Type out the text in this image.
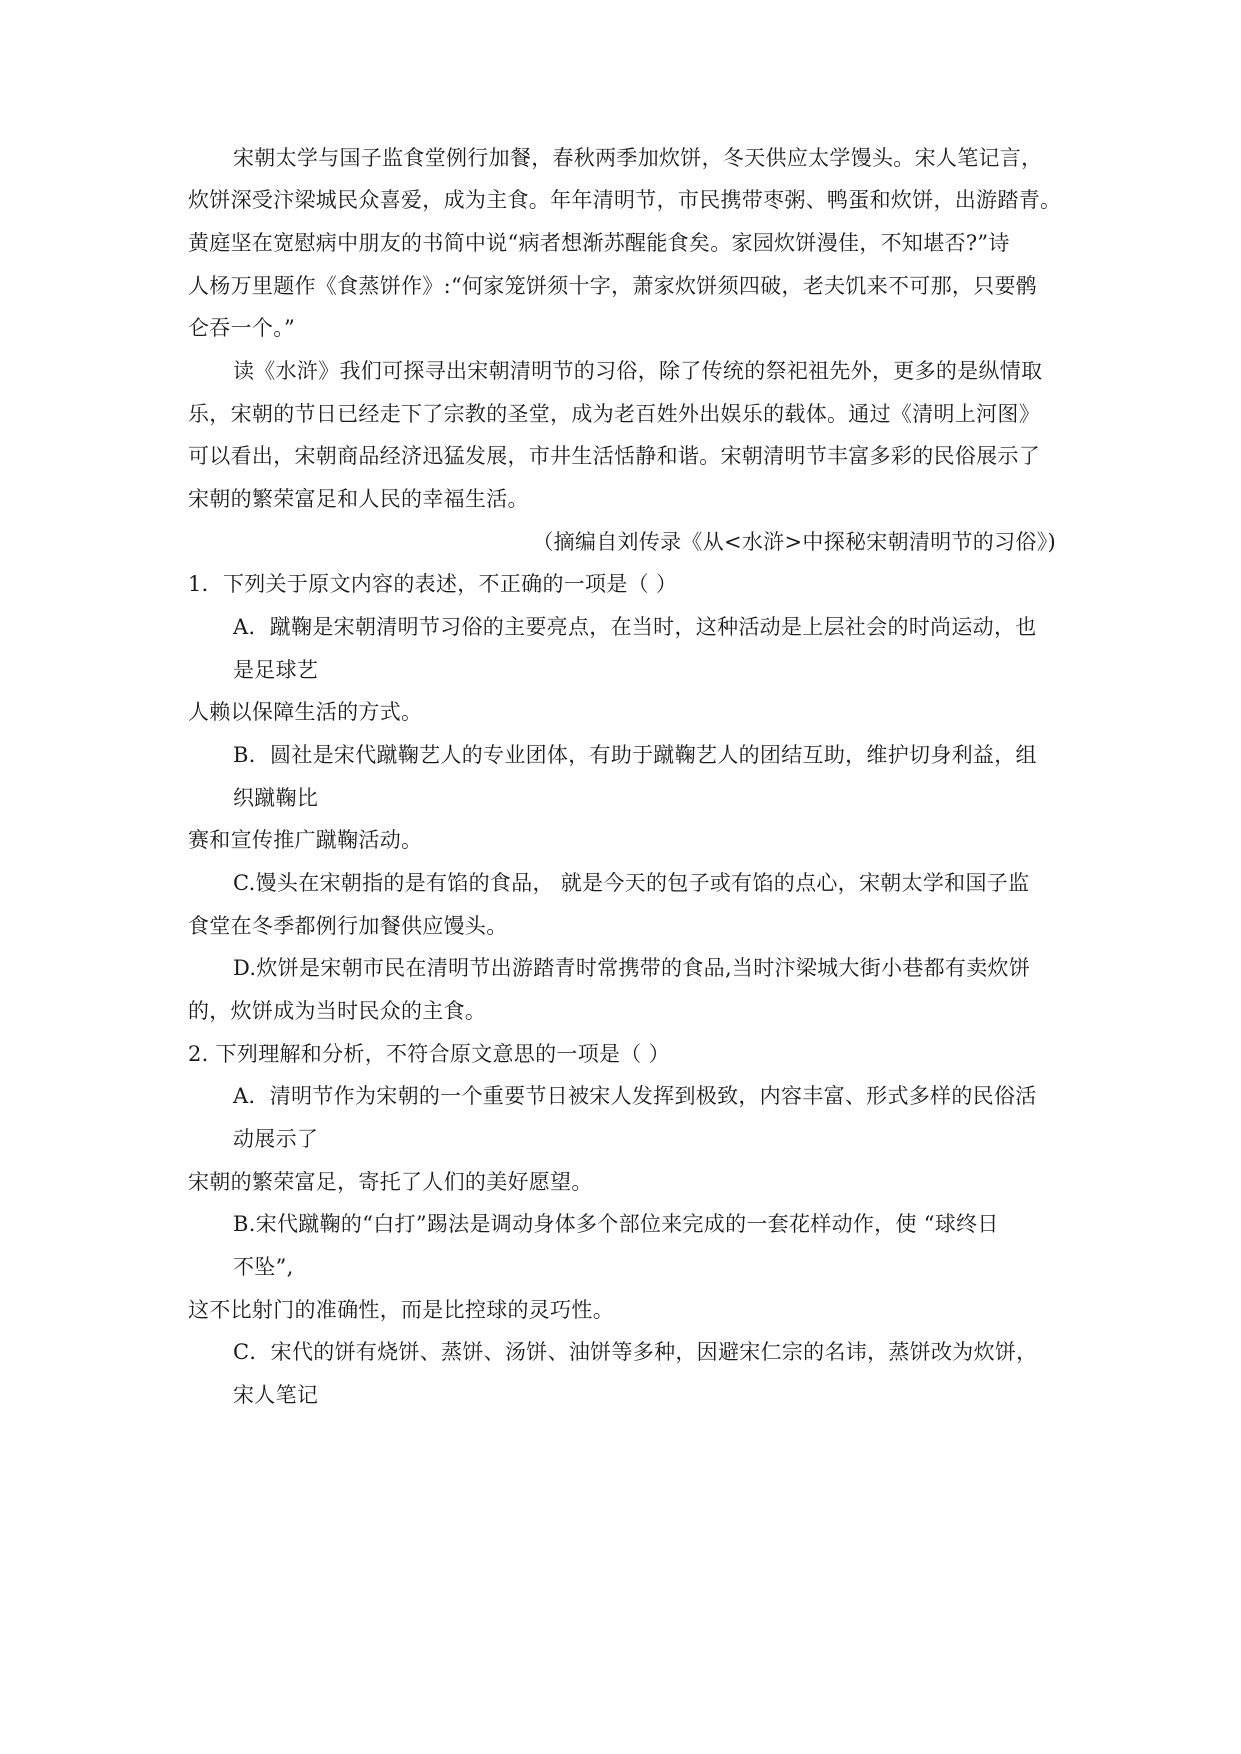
宋朝太学与国子监食堂例行加餐，春秋两季加炊饼，冬天供应太学馒头。宋人笔记言，
炊饼深受汴梁城民众喜爱，成为主食。年年清明节，市民携带枣粥、鸭蛋和炊饼，出游踏青。
黄庭坚在宽慰病中朋友的书简中说“病者想渐苏醒能食矣。家园炊饼漫佳，不知堪否?”诗
人杨万里题作《食蒸饼作》:“何家笼饼须十字，萧家炊饼须四破，老夫饥来不可那，只要鹘
仑吞一个。”
读《水浒》我们可探寻出宋朝清明节的习俗，除了传统的祭祀祖先外，更多的是纵情取
乐，宋朝的节日已经走下了宗教的圣堂，成为老百姓外出娱乐的载体。通过《清明上河图》
可以看出，宋朝商品经济迅猛发展，市井生活恬静和谐。宋朝清明节丰富多彩的民俗展示了
宋朝的繁荣富足和人民的幸福生活。
（摘编自刘传录《从<水浒>中探秘宋朝清明节的习俗》)
1．下列关于原文内容的表述，不正确的一项是（ ）
A．蹴鞠是宋朝清明节习俗的主要亮点，在当时，这种活动是上层社会的时尚运动，也
是足球艺
人赖以保障生活的方式。
B．圆社是宋代蹴鞠艺人的专业团体，有助于蹴鞠艺人的团结互助，维护切身利益，组
织蹴鞠比
赛和宣传推广蹴鞠活动。
C.馒头在宋朝指的是有馅的食品， 就是今天的包子或有馅的点心，宋朝太学和国子监
食堂在冬季都例行加餐供应馒头。
D.炊饼是宋朝市民在清明节出游踏青时常携带的食品,当时汴梁城大街小巷都有卖炊饼
的，炊饼成为当时民众的主食。
2. 下列理解和分析，不符合原文意思的一项是（ ）
A．清明节作为宋朝的一个重要节日被宋人发挥到极致，内容丰富、形式多样的民俗活
动展示了
宋朝的繁荣富足，寄托了人们的美好愿望。
B.宋代蹴鞠的“白打”踢法是调动身体多个部位来完成的一套花样动作，使 “球终日
不坠”,
这不比射门的准确性，而是比控球的灵巧性。
C．宋代的饼有烧饼、蒸饼、汤饼、油饼等多种，因避宋仁宗的名讳，蒸饼改为炊饼，
宋人笔记
